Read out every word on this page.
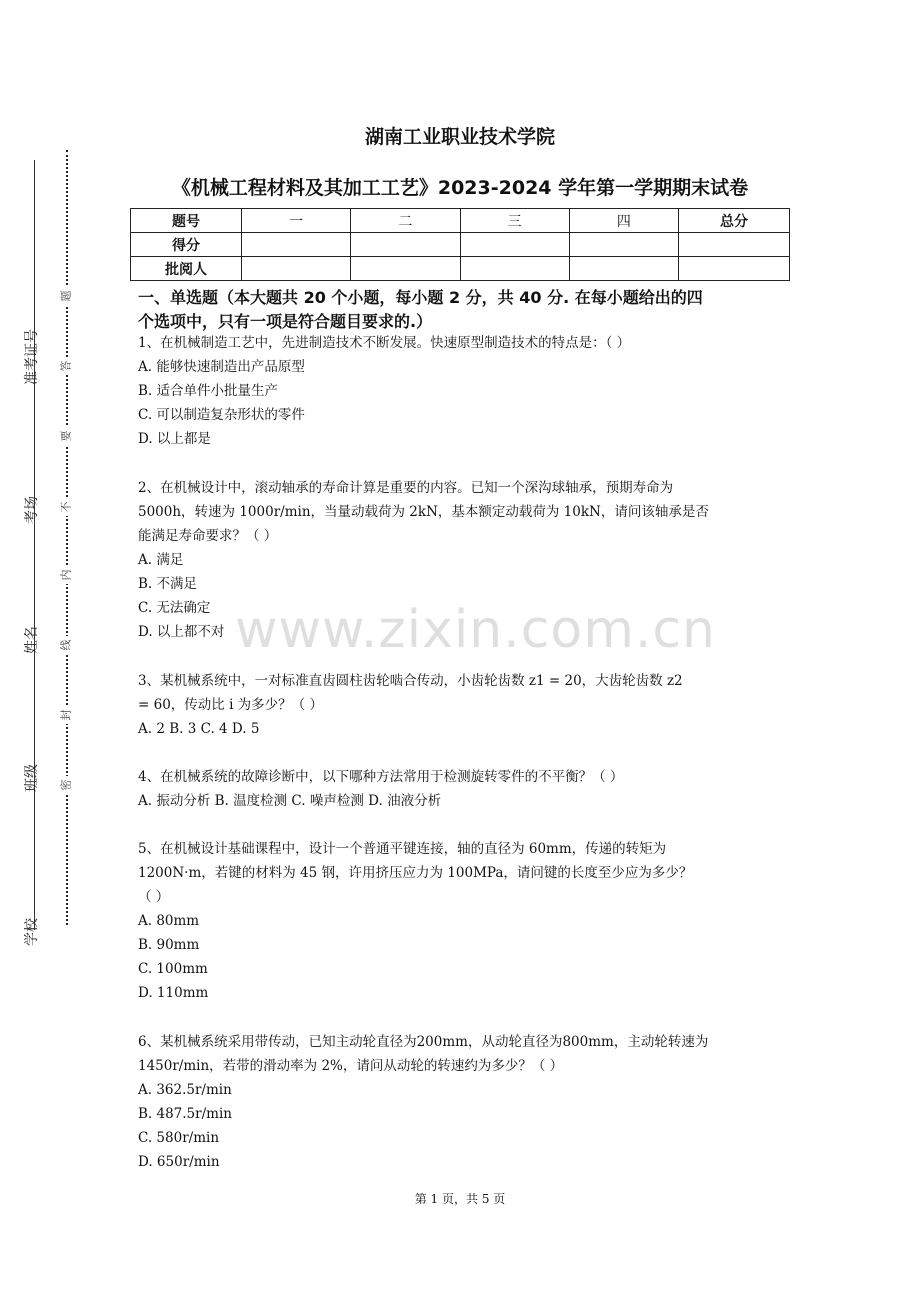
准考证号
考场
姓名
班级
学校
题
答
要
不
内
线
封
密
湖南工业职业技术学院
《机械工程材料及其加工工艺》2023-2024 学年第一学期期末试卷
题号	一	二	三	四	总分
得分					
批阅人					
一、单选题（本大题共 20 个小题，每小题 2 分，共 40 分. 在每小题给出的四
个选项中，只有一项是符合题目要求的.）

1、在机械制造工艺中，先进制造技术不断发展。快速原型制造技术的特点是：（ ）

A. 能够快速制造出产品原型

B. 适合单件小批量生产

C. 可以制造复杂形状的零件

D. 以上都是

2、在机械设计中，滚动轴承的寿命计算是重要的内容。已知一个深沟球轴承，预期寿命为

5000h，转速为 1000r/min，当量动载荷为 2kN，基本额定动载荷为 10kN，请问该轴承是否

能满足寿命要求？（ ）

A. 满足

B. 不满足

C. 无法确定

D. 以上都不对

3、某机械系统中，一对标准直齿圆柱齿轮啮合传动，小齿轮齿数 z1 = 20，大齿轮齿数 z2

= 60，传动比 i 为多少？（ ）

A. 2 B. 3 C. 4 D. 5

4、在机械系统的故障诊断中，以下哪种方法常用于检测旋转零件的不平衡？（ ）

A. 振动分析 B. 温度检测 C. 噪声检测 D. 油液分析

5、在机械设计基础课程中，设计一个普通平键连接，轴的直径为 60mm，传递的转矩为

1200N·m，若键的材料为 45 钢，许用挤压应力为 100MPa，请问键的长度至少应为多少？

（ ）

A. 80mm

B. 90mm

C. 100mm

D. 110mm

6、某机械系统采用带传动，已知主动轮直径为200mm，从动轮直径为800mm，主动轮转速为

1450r/min，若带的滑动率为 2%，请问从动轮的转速约为多少？（ ）

A. 362.5r/min

B. 487.5r/min

C. 580r/min

D. 650r/min

www.zixin.com.cn
第 1 页，共 5 页
